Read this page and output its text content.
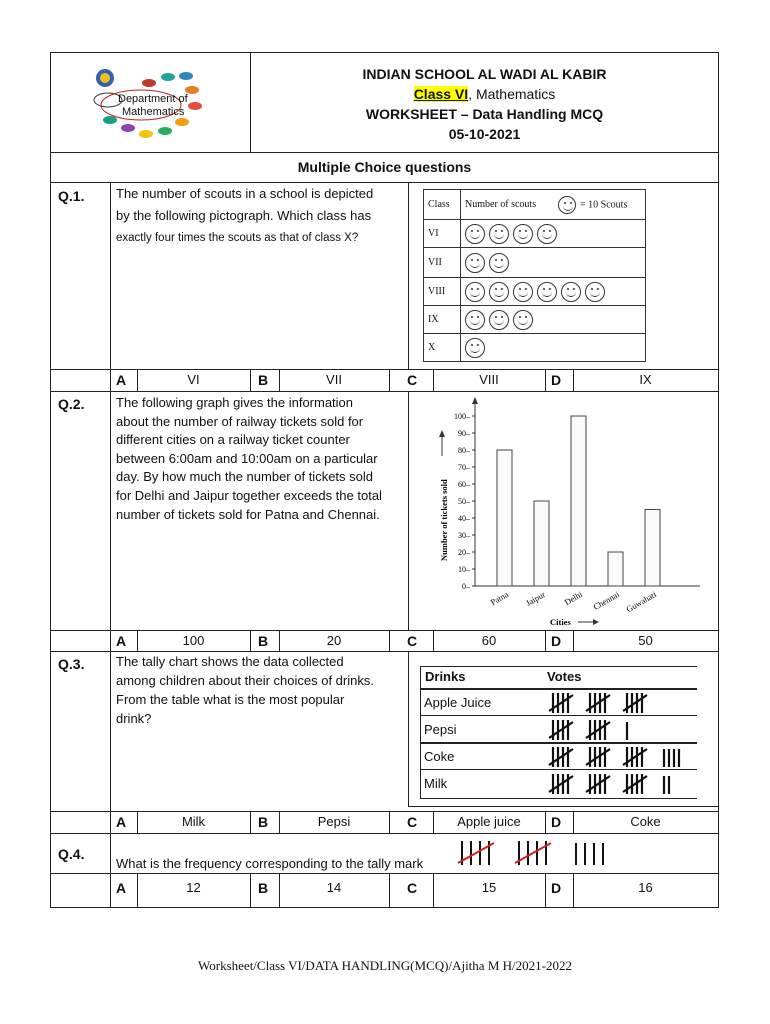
Department of
Mathematics
INDIAN SCHOOL AL WADI AL KABIR
Class VI, Mathematics
WORKSHEET – Data Handling MCQ
05-10-2021
Multiple Choice questions
Q.1. The number of scouts in a school is depicted
by the following pictograph. Which class has
exactly four times the scouts as that of class X?
Class	Number of scouts	= 10 Scouts
VI		
VII		
VIII		
IX		
X		
A	VI	B	VII	C	VIII	D	IX
Q.2. The following graph gives the information
about the number of railway tickets sold for
different cities on a railway ticket counter
between 6:00am and 10:00am on a particular
day. By how much the number of tickets sold
for Delhi and Jaipur together exceeds the total
number of tickets sold for Patna and Chennai.
0–
10–
20–
30–
40–
50–
60–
70–
80–
90–
100–
Patna Jaipur Delhi Chennai Guwahati
Number of tickets sold
Cities
A	100	B	20	C	60	D	50
Q.3. The tally chart shows the data collected
among children about their choices of drinks.
From the table what is the most popular
drink?
Drinks	Votes
Apple Juice
Pepsi
Coke
Milk
A	Milk	B	Pepsi	C	Apple juice	D	Coke
Q.4.
What is the frequency corresponding to the tally mark
A	12	B	14	C	15	D	16
Worksheet/Class VI/DATA HANDLING(MCQ)/Ajitha M H/2021-2022
